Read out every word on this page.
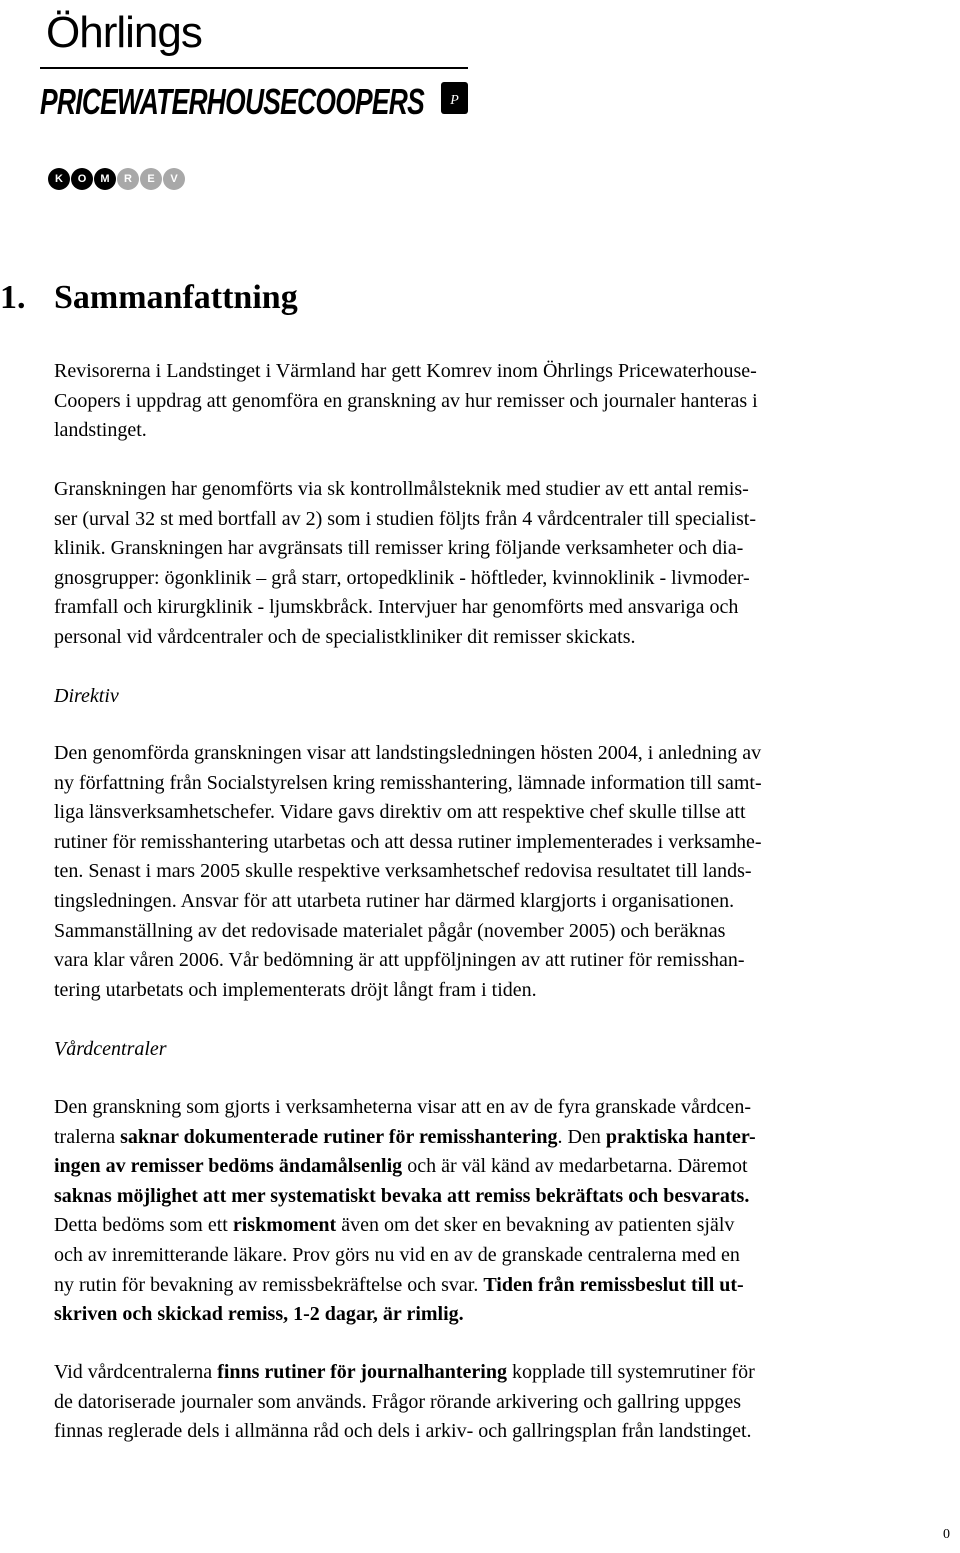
Öhrlings
PRICEWATERHOUSECOOPERS P
K	O	M	R	E	V
1. Sammanfattning
Revisorerna i Landstinget i Värmland har gett Komrev inom Öhrlings Pricewaterhouse-
Coopers i uppdrag att genomföra en granskning av hur remisser och journaler hanteras i
landstinget.
Granskningen har genomförts via sk kontrollmålsteknik med studier av ett antal remis-
ser (urval 32 st med bortfall av 2) som i studien följts från 4 vårdcentraler till specialist-
klinik. Granskningen har avgränsats till remisser kring följande verksamheter och dia-
gnosgrupper: ögonklinik – grå starr, ortopedklinik - höftleder, kvinnoklinik - livmoder-
framfall och kirurgklinik - ljumskbråck. Intervjuer har genomförts med ansvariga och
personal vid vårdcentraler och de specialistkliniker dit remisser skickats.
Direktiv
Den genomförda granskningen visar att landstingsledningen hösten 2004, i anledning av
ny författning från Socialstyrelsen kring remisshantering, lämnade information till samt-
liga länsverksamhetschefer. Vidare gavs direktiv om att respektive chef skulle tillse att
rutiner för remisshantering utarbetas och att dessa rutiner implementerades i verksamhe-
ten. Senast i mars 2005 skulle respektive verksamhetschef redovisa resultatet till lands-
tingsledningen. Ansvar för att utarbeta rutiner har därmed klargjorts i organisationen.
Sammanställning av det redovisade materialet pågår (november 2005) och beräknas
vara klar våren 2006. Vår bedömning är att uppföljningen av att rutiner för remisshan-
tering utarbetats och implementerats dröjt långt fram i tiden.
Vårdcentraler
Den granskning som gjorts i verksamheterna visar att en av de fyra granskade vårdcen-
tralerna saknar dokumenterade rutiner för remisshantering. Den praktiska hanter-
ingen av remisser bedöms ändamålsenlig och är väl känd av medarbetarna. Däremot
saknas möjlighet att mer systematiskt bevaka att remiss bekräftats och besvarats.
Detta bedöms som ett riskmoment även om det sker en bevakning av patienten själv
och av inremitterande läkare. Prov görs nu vid en av de granskade centralerna med en
ny rutin för bevakning av remissbekräftelse och svar. Tiden från remissbeslut till ut-
skriven och skickad remiss, 1-2 dagar, är rimlig.
Vid vårdcentralerna finns rutiner för journalhantering kopplade till systemrutiner för
de datoriserade journaler som används. Frågor rörande arkivering och gallring uppges
finnas reglerade dels i allmänna råd och dels i arkiv- och gallringsplan från landstinget.
0
